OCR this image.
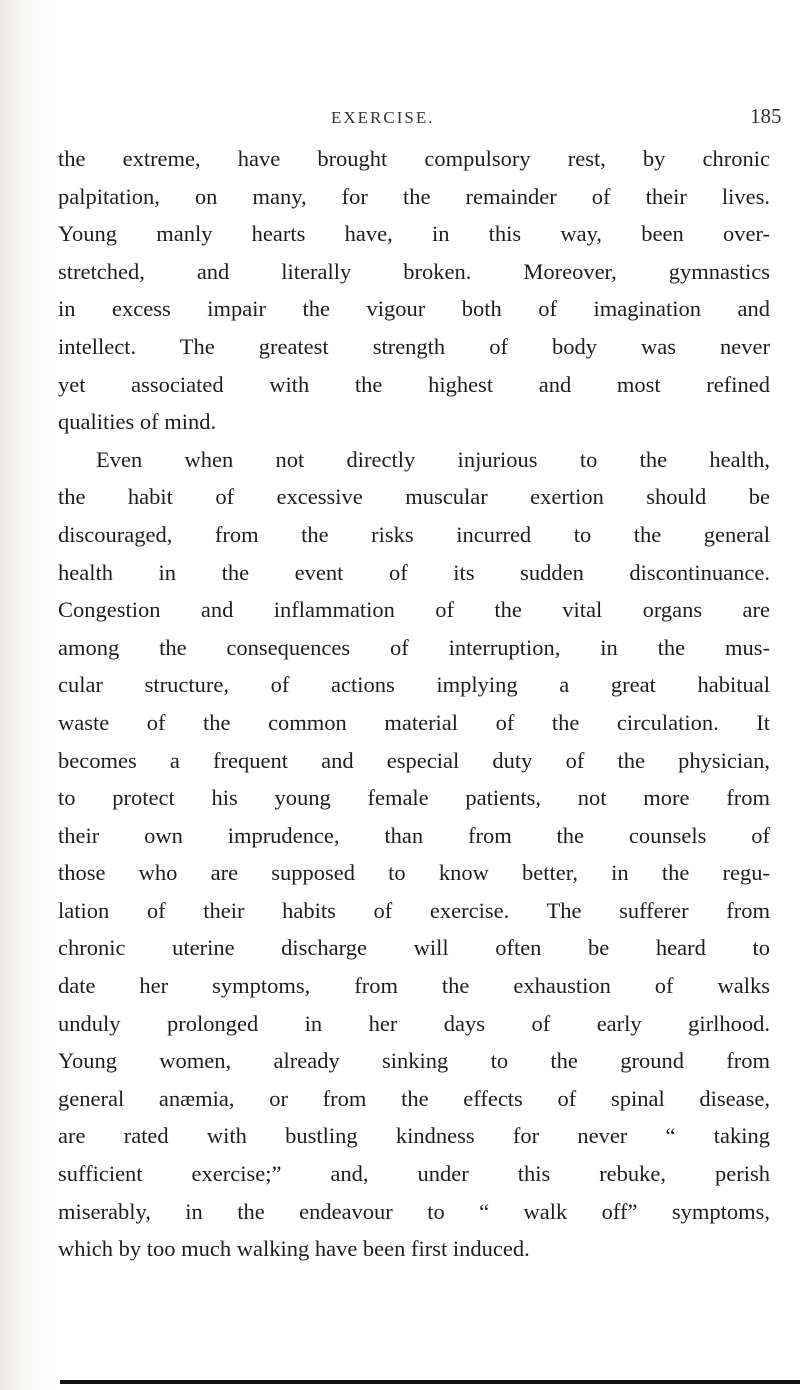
EXERCISE.	185
the extreme, have brought compulsory rest, by chronic
palpitation, on many, for the remainder of their lives.
Young manly hearts have, in this way, been over-
stretched, and literally broken. Moreover, gymnastics
in excess impair the vigour both of imagination and
intellect. The greatest strength of body was never
yet associated with the highest and most refined
qualities of mind.
Even when not directly injurious to the health,
the habit of excessive muscular exertion should be
discouraged, from the risks incurred to the general
health in the event of its sudden discontinuance.
Congestion and inflammation of the vital organs are
among the consequences of interruption, in the mus-
cular structure, of actions implying a great habitual
waste of the common material of the circulation. It
becomes a frequent and especial duty of the physician,
to protect his young female patients, not more from
their own imprudence, than from the counsels of
those who are supposed to know better, in the regu-
lation of their habits of exercise. The sufferer from
chronic uterine discharge will often be heard to
date her symptoms, from the exhaustion of walks
unduly prolonged in her days of early girlhood.
Young women, already sinking to the ground from
general anæmia, or from the effects of spinal disease,
are rated with bustling kindness for never “ taking
sufficient exercise;” and, under this rebuke, perish
miserably, in the endeavour to “ walk off” symptoms,
which by too much walking have been first induced.
